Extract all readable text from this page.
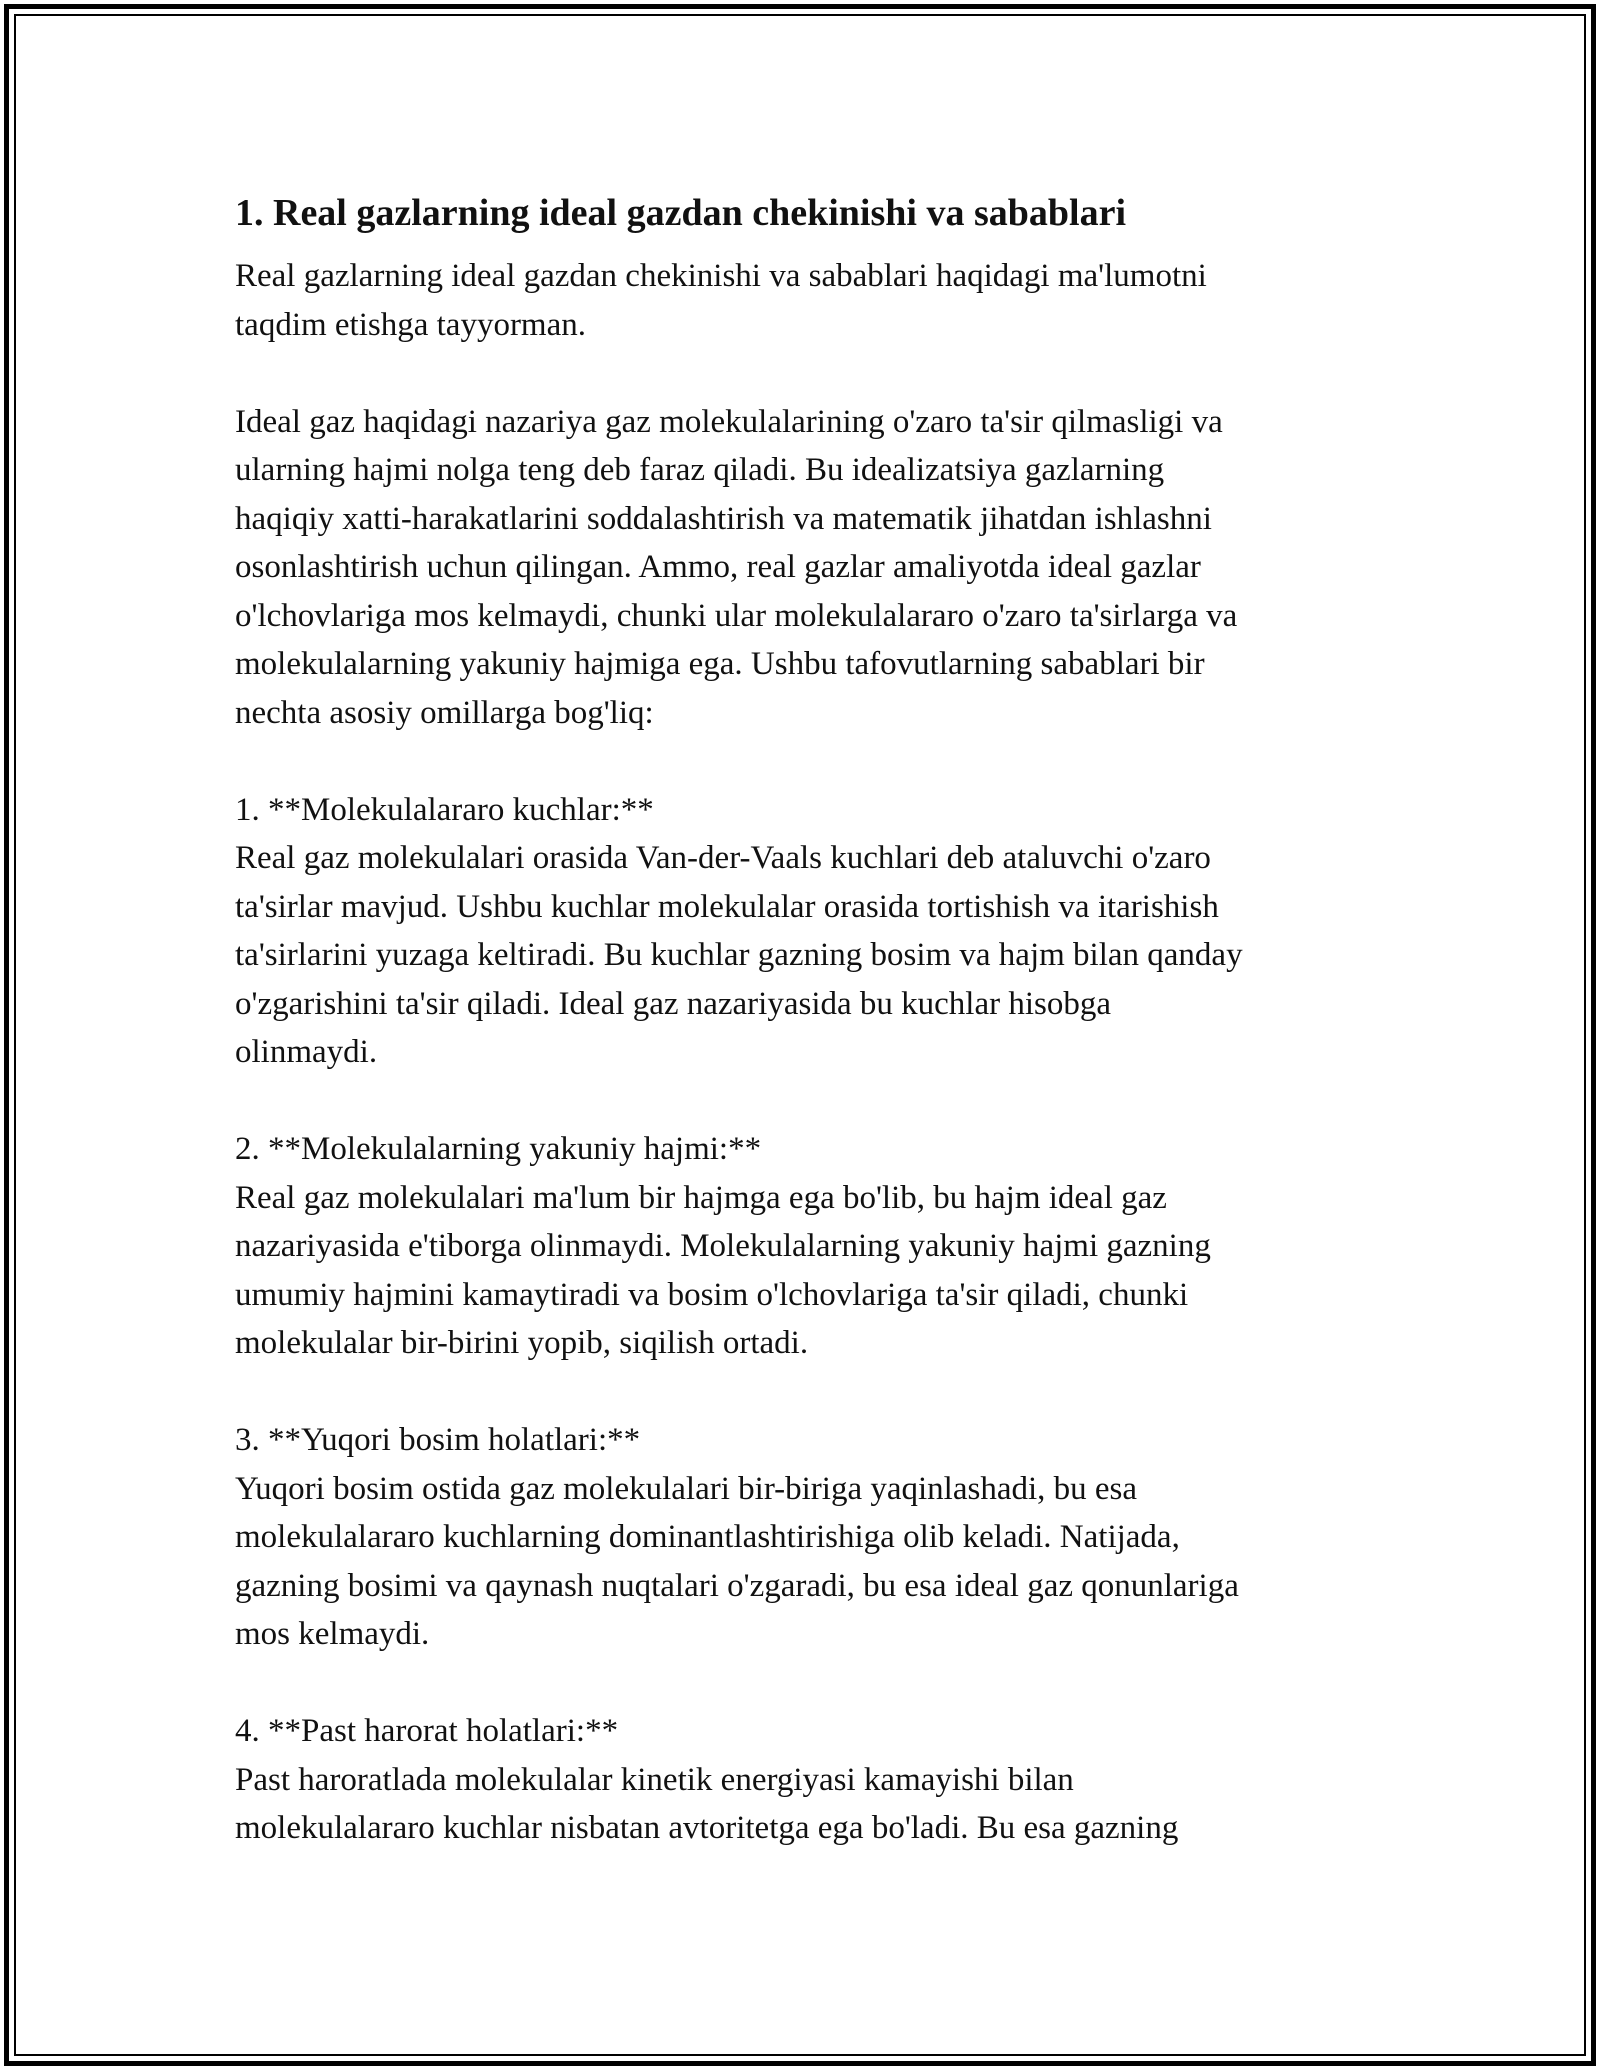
1. Real gazlarning ideal gazdan chekinishi va sabablari

Real gazlarning ideal gazdan chekinishi va sabablari haqidagi ma'lumotni
taqdim etishga tayyorman.

Ideal gaz haqidagi nazariya gaz molekulalarining o'zaro ta'sir qilmasligi va
ularning hajmi nolga teng deb faraz qiladi. Bu idealizatsiya gazlarning
haqiqiy xatti-harakatlarini soddalashtirish va matematik jihatdan ishlashni
osonlashtirish uchun qilingan. Ammo, real gazlar amaliyotda ideal gazlar
o'lchovlariga mos kelmaydi, chunki ular molekulalararo o'zaro ta'sirlarga va
molekulalarning yakuniy hajmiga ega. Ushbu tafovutlarning sabablari bir
nechta asosiy omillarga bog'liq:

1. **Molekulalararo kuchlar:**

Real gaz molekulalari orasida Van-der-Vaals kuchlari deb ataluvchi o'zaro
ta'sirlar mavjud. Ushbu kuchlar molekulalar orasida tortishish va itarishish
ta'sirlarini yuzaga keltiradi. Bu kuchlar gazning bosim va hajm bilan qanday
o'zgarishini ta'sir qiladi. Ideal gaz nazariyasida bu kuchlar hisobga
olinmaydi.

2. **Molekulalarning yakuniy hajmi:**

Real gaz molekulalari ma'lum bir hajmga ega bo'lib, bu hajm ideal gaz
nazariyasida e'tiborga olinmaydi. Molekulalarning yakuniy hajmi gazning
umumiy hajmini kamaytiradi va bosim o'lchovlariga ta'sir qiladi, chunki
molekulalar bir-birini yopib, siqilish ortadi.

3. **Yuqori bosim holatlari:**

Yuqori bosim ostida gaz molekulalari bir-biriga yaqinlashadi, bu esa
molekulalararo kuchlarning dominantlashtirishiga olib keladi. Natijada,
gazning bosimi va qaynash nuqtalari o'zgaradi, bu esa ideal gaz qonunlariga
mos kelmaydi.

4. **Past harorat holatlari:**

Past haroratlada molekulalar kinetik energiyasi kamayishi bilan
molekulalararo kuchlar nisbatan avtoritetga ega bo'ladi. Bu esa gazning
